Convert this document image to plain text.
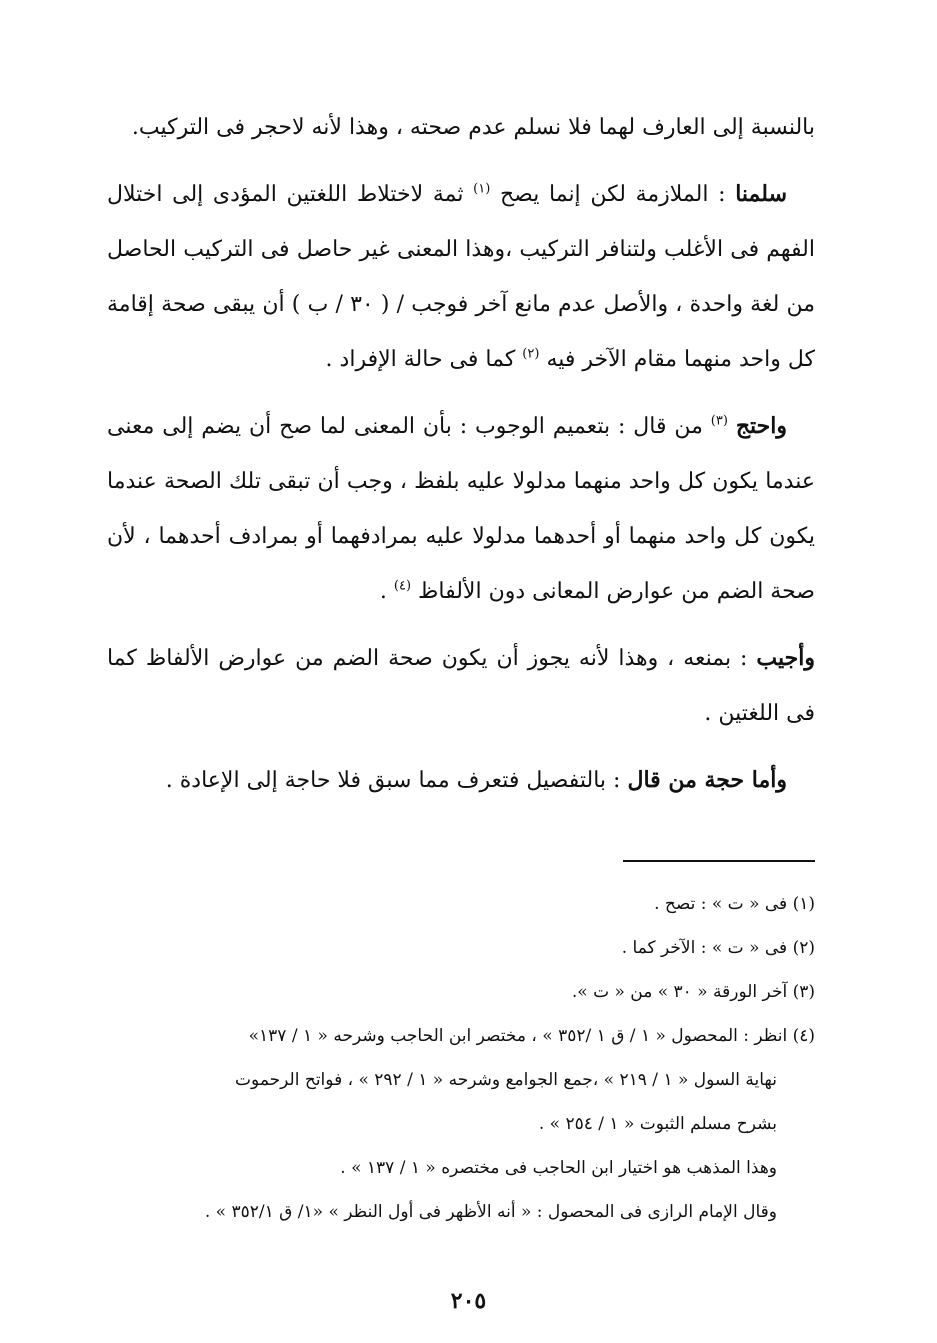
بالنسبة إلى العارف لهما فلا نسلم عدم صحته ، وهذا لأنه لاحجر فى التركيب.

سلمنا : الملازمة لكن إنما يصح $^{(١)}$ ثمة لاختلاط اللغتين المؤدى إلى اختلال الفهم فى الأغلب ولتنافر التركيب ،وهذا المعنى غير حاصل فى التركيب الحاصل من لغة واحدة ، والأصل عدم مانع آخر فوجب / ( ٣٠ / ب ) أن يبقى صحة إقامة كل واحد منهما مقام الآخر فيه $^{(٢)}$ كما فى حالة الإفراد .

واحتج $^{(٣)}$ من قال : بتعميم الوجوب : بأن المعنى لما صح أن يضم إلى معنى عندما يكون كل واحد منهما مدلولا عليه بلفظ ، وجب أن تبقى تلك الصحة عندما يكون كل واحد منهما أو أحدهما مدلولا عليه بمرادفهما أو بمرادف أحدهما ، لأن صحة الضم من عوارض المعانى دون الألفاظ $^{(٤)}$ .

وأجيب : بمنعه ، وهذا لأنه يجوز أن يكون صحة الضم من عوارض الألفاظ كما فى اللغتين .

وأما حجة من قال : بالتفصيل فتعرف مما سبق فلا حاجة إلى الإعادة .

(١) فى « ت » : تصح .

(٢) فى « ت » : الآخر كما .

(٣) آخر الورقة « ٣٠ » من « ت ».

(٤) انظر : المحصول « ١ / ق ١ /٣٥٢ » ، مختصر ابن الحاجب وشرحه « ١ / ١٣٧»
نهاية السول « ١ / ٢١٩ » ،جمع الجوامع وشرحه « ١ / ٢٩٢ » ، فواتح الرحموت
بشرح مسلم الثبوت « ١ / ٢٥٤ » .
وهذا المذهب هو اختيار ابن الحاجب فى مختصره « ١ / ١٣٧ » .
وقال الإمام الرازى فى المحصول : « أنه الأظهر فى أول النظر » «١/ ق ٣٥٢/١ » .
٢٠٥
